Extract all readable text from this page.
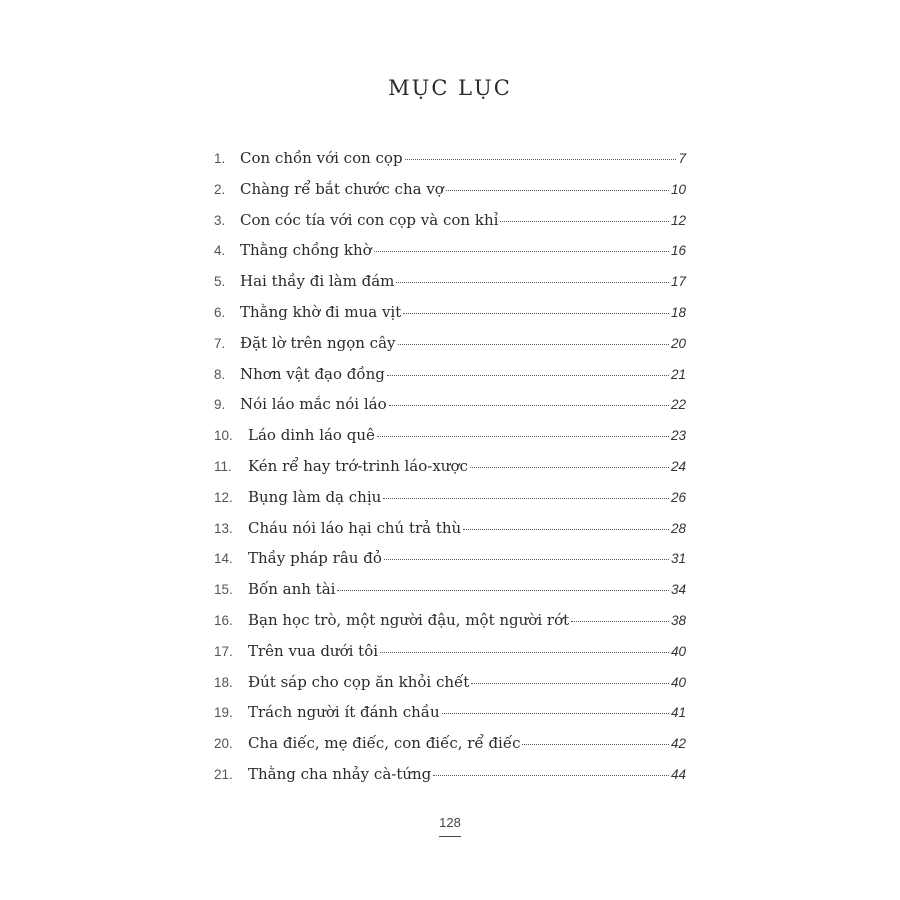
MỤC LỤC
1. Con chồn với con cọp	7
2. Chàng rể bắt chước cha vợ	10
3. Con cóc tía với con cọp và con khỉ	12
4. Thằng chồng khờ	16
5. Hai thầy đi làm đám	17
6. Thằng khờ đi mua vịt	18
7. Đặt lờ trên ngọn cây	20
8. Nhơn vật đạo đồng	21
9. Nói láo mắc nói láo	22
10.	Láo dinh láo quê	23
11.	Kén rể hay trớ-trinh láo-xược	24
12.	Bụng làm dạ chịu	26
13.	Cháu nói láo hại chú trả thù	28
14.	Thầy pháp râu đỏ	31
15.	Bốn anh tài	34
16.	Bạn học trò, một người đậu, một người rớt	38
17.	Trên vua dưới tôi	40
18.	Đút sáp cho cọp ăn khỏi chết	40
19.	Trách người ít đánh chầu	41
20.	Cha điếc, mẹ điếc, con điếc, rể điếc	42
21.	Thằng cha nhảy cà-tứng	44
128
